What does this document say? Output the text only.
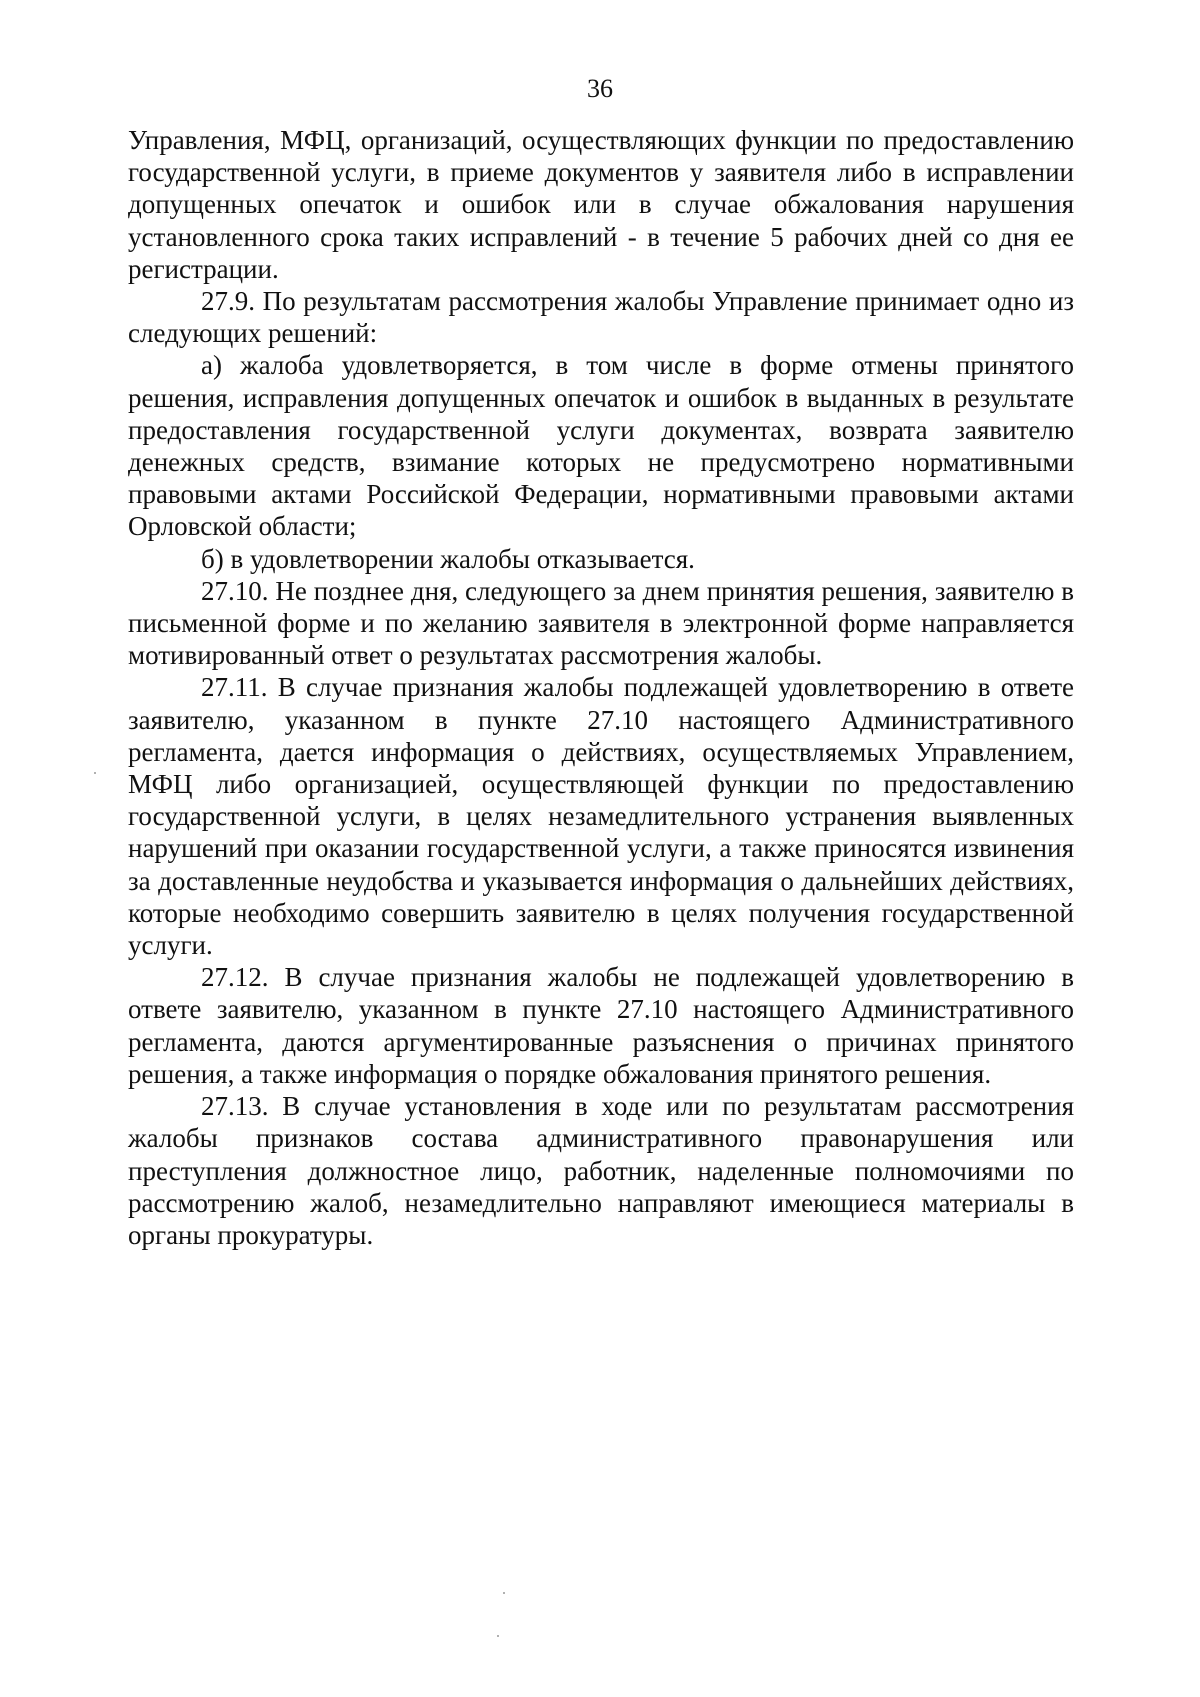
36

Управления, МФЦ, организаций, осуществляющих функции по предоставлению государственной услуги, в приеме документов у заявителя либо в исправлении допущенных опечаток и ошибок или в случае обжалования нарушения установленного срока таких исправлений - в течение 5 рабочих дней со дня ее регистрации.

27.9. По результатам рассмотрения жалобы Управление принимает одно из следующих решений:

а) жалоба удовлетворяется, в том числе в форме отмены принятого решения, исправления допущенных опечаток и ошибок в выданных в результате предоставления государственной услуги документах, возврата заявителю денежных средств, взимание которых не предусмотрено нормативными правовыми актами Российской Федерации, нормативными правовыми актами Орловской области;

б) в удовлетворении жалобы отказывается.

27.10. Не позднее дня, следующего за днем принятия решения, заявителю в письменной форме и по желанию заявителя в электронной форме направляется мотивированный ответ о результатах рассмотрения жалобы.

27.11. В случае признания жалобы подлежащей удовлетворению в ответе заявителю, указанном в пункте 27.10 настоящего Административного регламента, дается информация о действиях, осуществляемых Управлением, МФЦ либо организацией, осуществляющей функции по предоставлению государственной услуги, в целях незамедлительного устранения выявленных нарушений при оказании государственной услуги, а также приносятся извинения за доставленные неудобства и указывается информация о дальнейших действиях, которые необходимо совершить заявителю в целях получения государственной услуги.

27.12. В случае признания жалобы не подлежащей удовлетворению в ответе заявителю, указанном в пункте 27.10 настоящего Административного регламента, даются аргументированные разъяснения о причинах принятого решения, а также информация о порядке обжалования принятого решения.

27.13. В случае установления в ходе или по результатам рассмотрения жалобы признаков состава административного правонарушения или преступления должностное лицо, работник, наделенные полномочиями по рассмотрению жалоб, незамедлительно направляют имеющиеся материалы в органы прокуратуры.
